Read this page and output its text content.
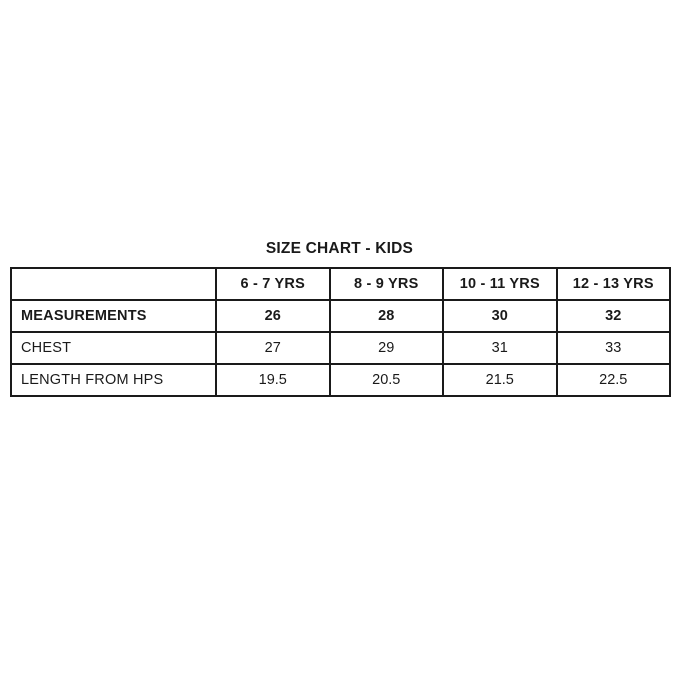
SIZE CHART - KIDS
	6 - 7 YRS	8 - 9 YRS	10 - 11 YRS	12 - 13 YRS
MEASUREMENTS	26	28	30	32
CHEST	27	29	31	33
LENGTH FROM HPS	19.5	20.5	21.5	22.5
